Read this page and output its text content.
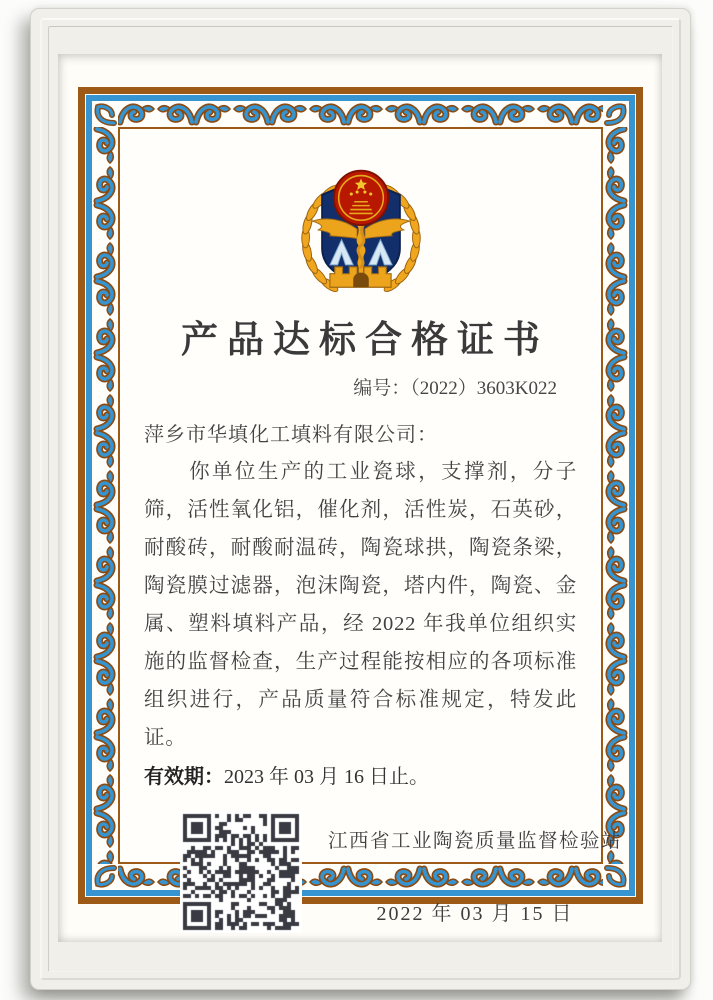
产品达标合格证书
编号：（2022）3603K022
萍乡市华填化工填料有限公司：
你单位生产的工业瓷球，支撑剂，分子筛，活性氧化铝，催化剂，活性炭，石英砂，耐酸砖，耐酸耐温砖，陶瓷球拱，陶瓷条梁，陶瓷膜过滤器，泡沫陶瓷，塔内件，陶瓷、金属、塑料填料产品，经 2022 年我单位组织实施的监督检查，生产过程能按相应的各项标准组织进行，产品质量符合标准规定，特发此证。
有效期：2023 年 03 月 16 日止。
江西省工业陶瓷质量监督检验站
2022 年 03 月 15 日
